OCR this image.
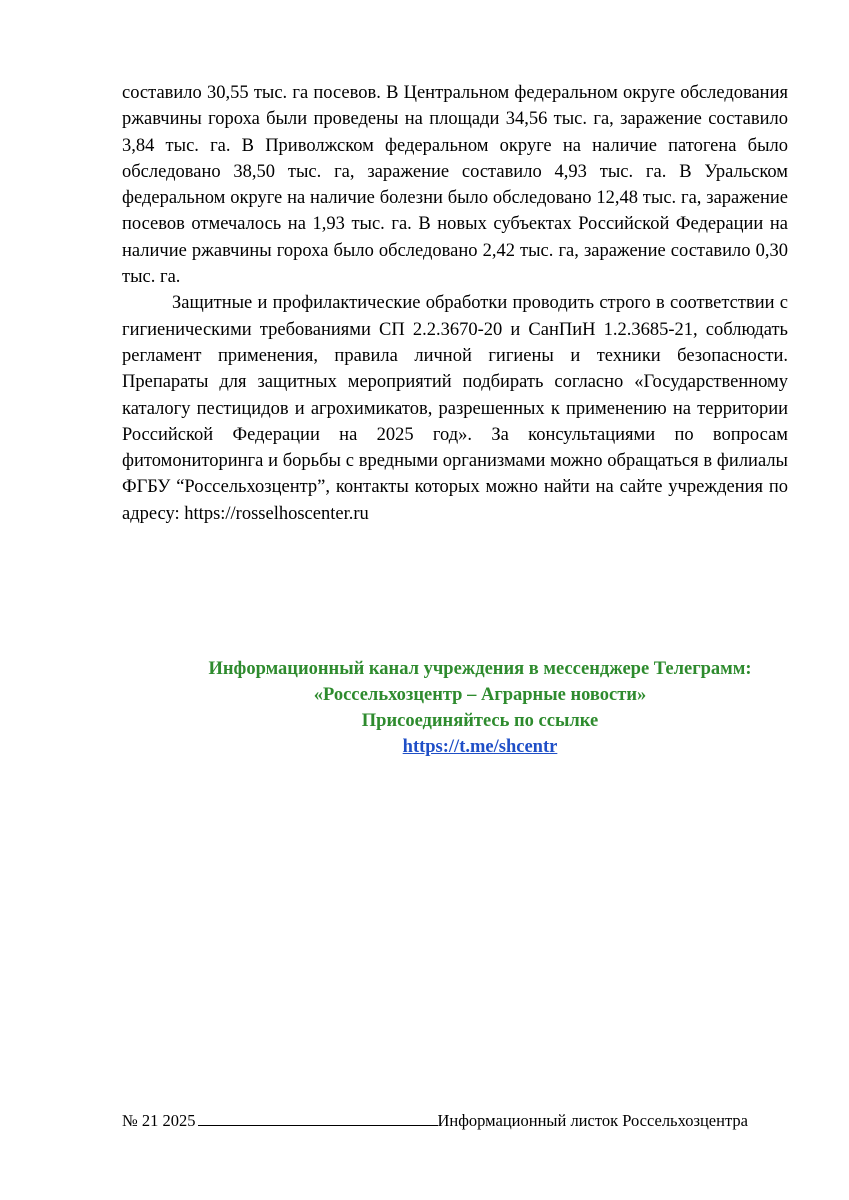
составило 30,55 тыс. га посевов. В Центральном федеральном округе обследования ржавчины гороха были проведены на площади 34,56 тыс. га, заражение составило 3,84 тыс. га. В Приволжском федеральном округе на наличие патогена было обследовано 38,50 тыс. га, заражение составило 4,93 тыс. га. В Уральском федеральном округе на наличие болезни было обследовано 12,48 тыс. га, заражение посевов отмечалось на 1,93 тыс. га. В новых субъектах Российской Федерации на наличие ржавчины гороха было обследовано 2,42 тыс. га, заражение составило 0,30 тыс. га.

Защитные и профилактические обработки проводить строго в соответствии с гигиеническими требованиями СП 2.2.3670-20 и СанПиН 1.2.3685-21, соблюдать регламент применения, правила личной гигиены и техники безопасности. Препараты для защитных мероприятий подбирать согласно «Государственному каталогу пестицидов и агрохимикатов, разрешенных к применению на территории Российской Федерации на 2025 год». За консультациями по вопросам фитомониторинга и борьбы с вредными организмами можно обращаться в филиалы ФГБУ “Россельхозцентр”, контакты которых можно найти на сайте учреждения по адресу: https://rosselhoscenter.ru

Информационный канал учреждения в мессенджере Телеграмм:
«Россельхозцентр – Аграрные новости»
Присоединяйтесь по ссылке
https://t.me/shcentr
№ 21 2025	Информационный листок Россельхозцентра
